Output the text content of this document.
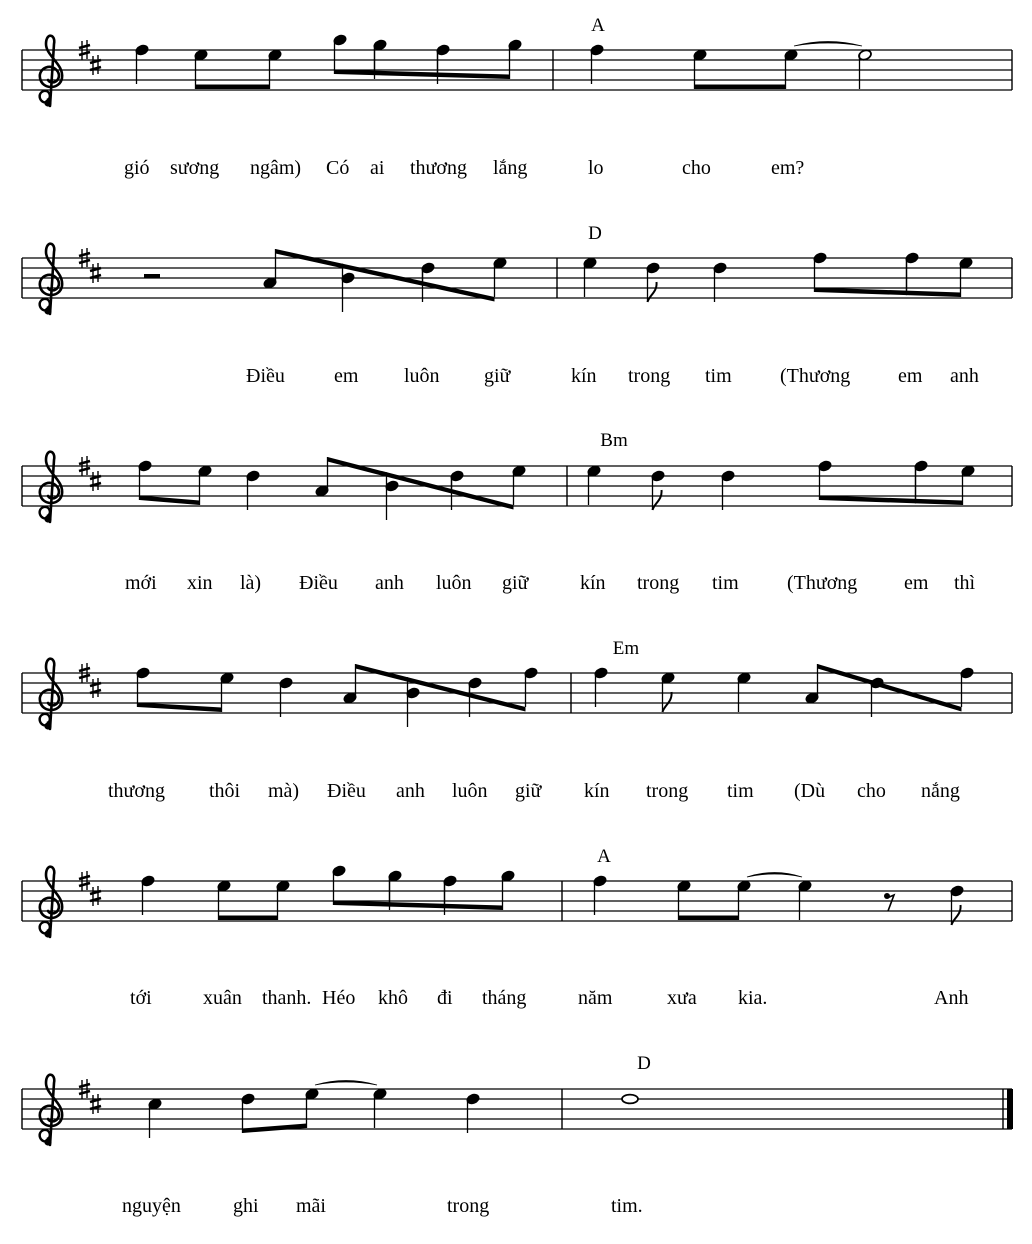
A
gió sương ngâm) Có ai thương lắng	lo	cho	em?
D
Điều em luôn giữ	kín trong tim (Thương em anh
Bm
mới xin là) Điều anh luôn giữ	kín trong tim (Thương em thì
Em
thương thôi mà) Điều anh luôn giữ kín trong tim (Dù cho nắng
A
tới	xuân thanh. Héo khô đi tháng	năm	xưa kia.	Anh
D
nguyện	ghi mãi	trong	tim.
